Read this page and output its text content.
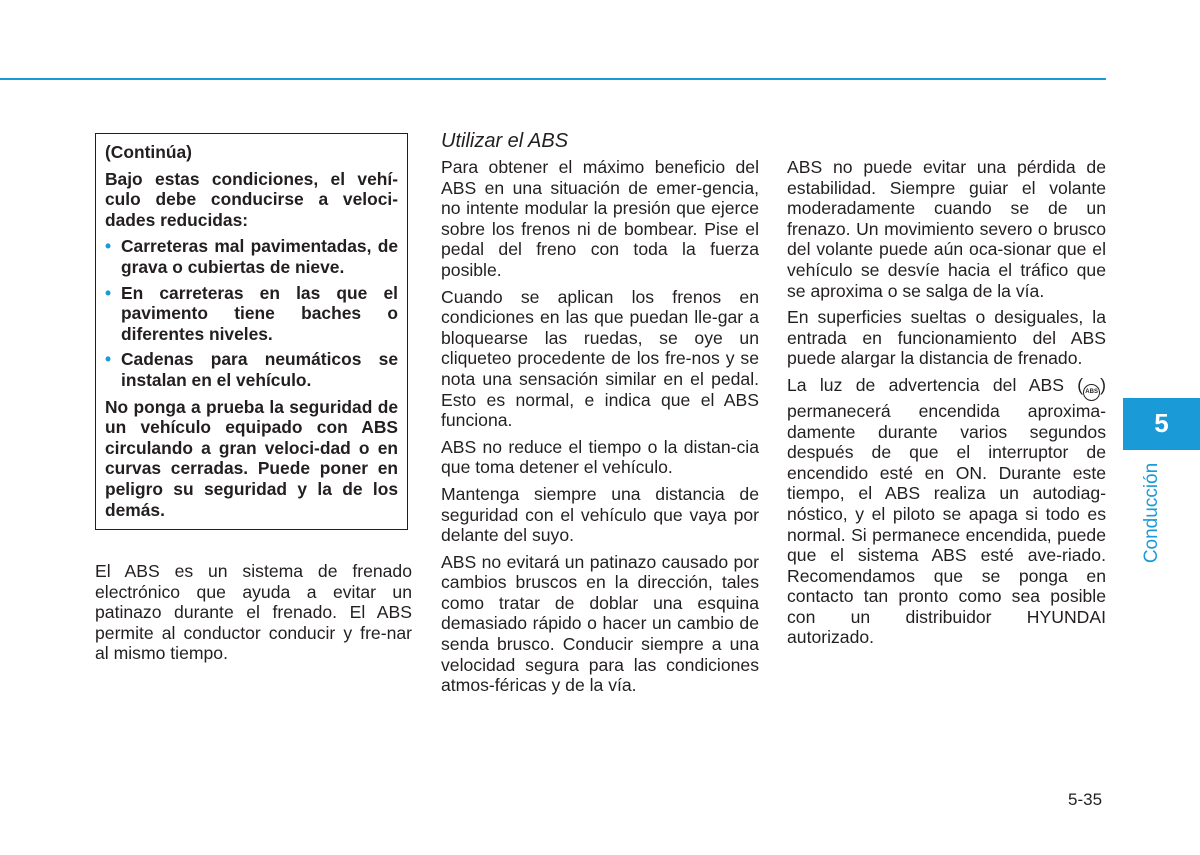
(Continúa)

Bajo estas condiciones, el vehí-culo debe conducirse a veloci-dades reducidas:

• Carreteras mal pavimentadas, de grava o cubiertas de nieve.
• En carreteras en las que el pavimento tiene baches o diferentes niveles.
• Cadenas para neumáticos se instalan en el vehículo.

No ponga a prueba la seguridad de un vehículo equipado con ABS circulando a gran veloci-dad o en curvas cerradas. Puede poner en peligro su seguridad y la de los demás.

El ABS es un sistema de frenado electrónico que ayuda a evitar un patinazo durante el frenado. El ABS permite al conductor conducir y fre-nar al mismo tiempo.

Utilizar el ABS

Para obtener el máximo beneficio del ABS en una situación de emer-gencia, no intente modular la presión que ejerce sobre los frenos ni de bombear. Pise el pedal del freno con toda la fuerza posible.

Cuando se aplican los frenos en condiciones en las que puedan lle-gar a bloquearse las ruedas, se oye un cliqueteo procedente de los fre-nos y se nota una sensación similar en el pedal. Esto es normal, e indica que el ABS funciona.

ABS no reduce el tiempo o la distan-cia que toma detener el vehículo.

Mantenga siempre una distancia de seguridad con el vehículo que vaya por delante del suyo.

ABS no evitará un patinazo causado por cambios bruscos en la dirección, tales como tratar de doblar una esquina demasiado rápido o hacer un cambio de senda brusco. Conducir siempre a una velocidad segura para las condiciones atmos-féricas y de la vía.

ABS no puede evitar una pérdida de estabilidad. Siempre guiar el volante moderadamente cuando se de un frenazo. Un movimiento severo o brusco del volante puede aún oca-sionar que el vehículo se desvíe hacia el tráfico que se aproxima o se salga de la vía.

En superficies sueltas o desiguales, la entrada en funcionamiento del ABS puede alargar la distancia de frenado.

La luz de advertencia del ABS ( ABS ) permanecerá encendida aproxima-damente durante varios segundos después de que el interruptor de encendido esté en ON. Durante este tiempo, el ABS realiza un autodiag-nóstico, y el piloto se apaga si todo es normal. Si permanece encendida, puede que el sistema ABS esté ave-riado. Recomendamos que se ponga en contacto tan pronto como sea posible con un distribuidor HYUNDAI autorizado.

5
Conducción
5-35
